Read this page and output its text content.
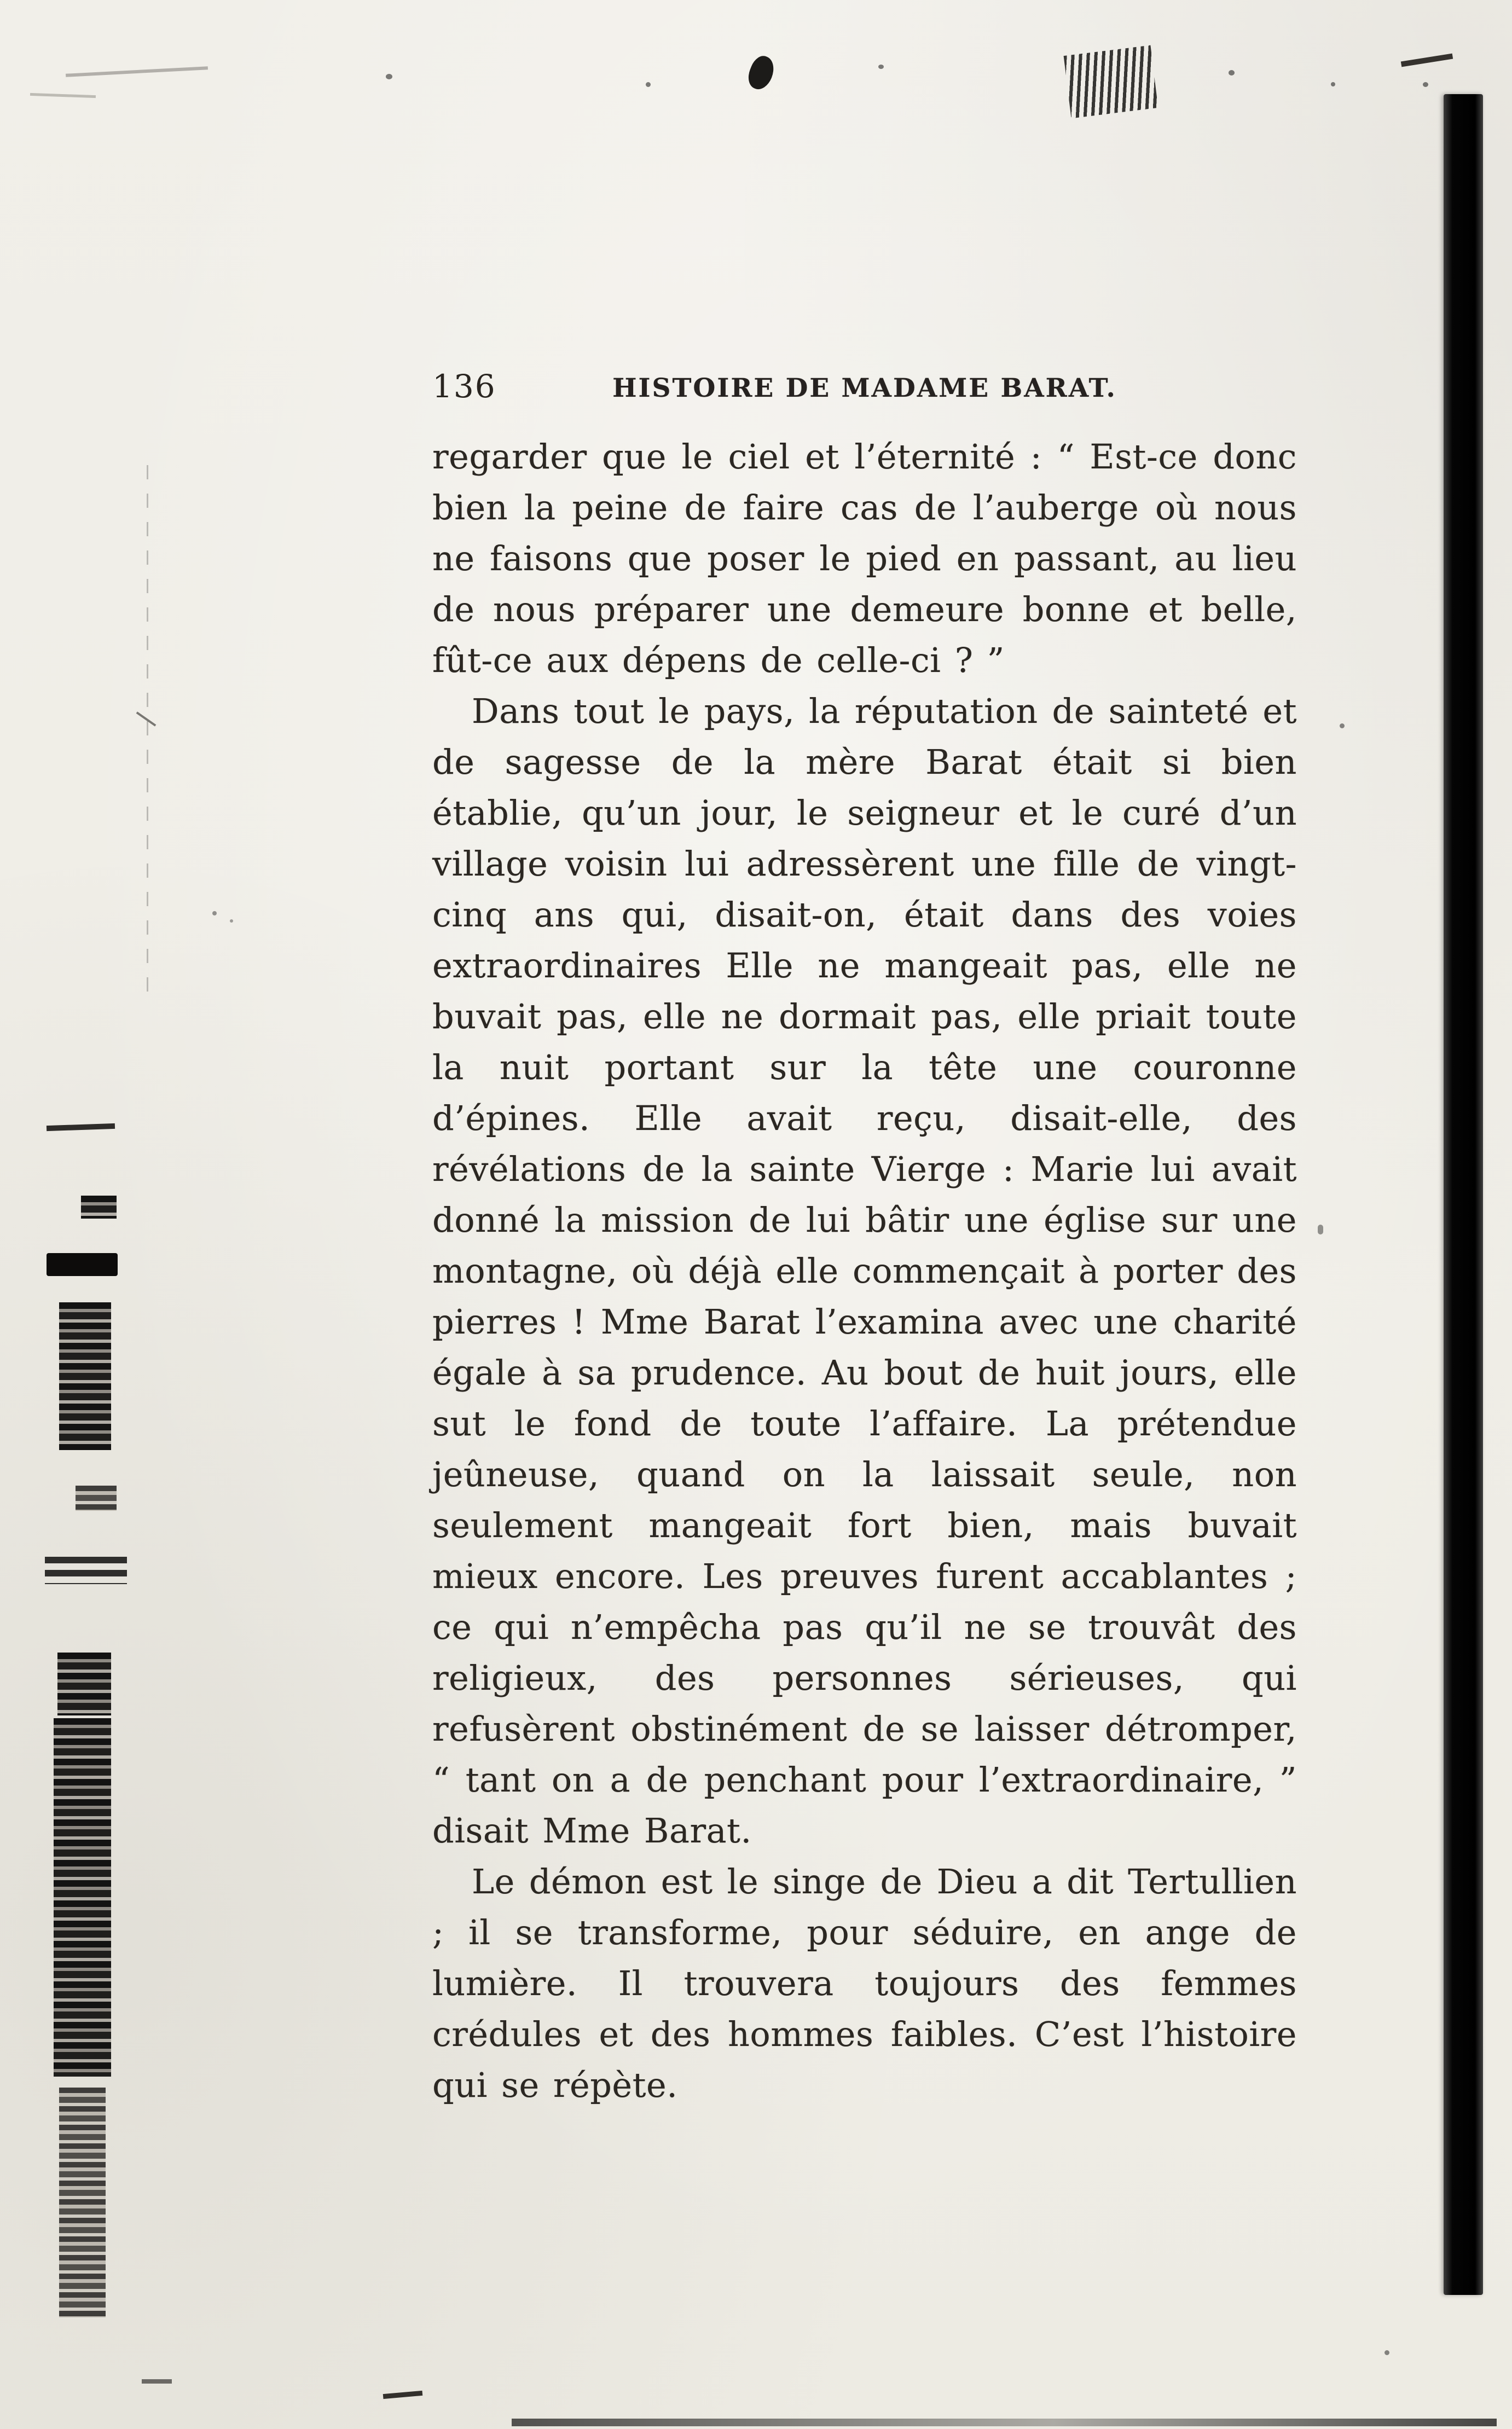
136	HISTOIRE DE MADAME BARAT.

regarder que le ciel et l’éternité : “ Est-ce donc bien la peine de faire cas de l’auberge où nous ne faisons que poser le pied en passant, au lieu de nous préparer une demeure bonne et belle, fût-ce aux dépens de celle-ci ? ”

Dans tout le pays, la réputation de sainteté et de sagesse de la mère Barat était si bien établie, qu’un jour, le seigneur et le curé d’un village voisin lui adressèrent une fille de vingt-cinq ans qui, disait-on, était dans des voies extraordinaires Elle ne mangeait pas, elle ne buvait pas, elle ne dormait pas, elle priait toute la nuit portant sur la tête une couronne d’épines. Elle avait reçu, disait-elle, des révélations de la sainte Vierge : Marie lui avait donné la mission de lui bâtir une église sur une montagne, où déjà elle commençait à porter des pierres ! Mme Barat l’examina avec une charité égale à sa prudence. Au bout de huit jours, elle sut le fond de toute l’affaire. La prétendue jeûneuse, quand on la laissait seule, non seulement mangeait fort bien, mais buvait mieux encore. Les preuves furent accablantes ; ce qui n’empêcha pas qu’il ne se trouvât des religieux, des personnes sérieuses, qui refusèrent obstinément de se laisser détromper, “ tant on a de penchant pour l’extraordinaire, ” disait Mme Barat.

Le démon est le singe de Dieu a dit Tertullien ; il se transforme, pour séduire, en ange de lumière. Il trouvera toujours des femmes crédules et des hommes faibles. C’est l’histoire qui se répète.
